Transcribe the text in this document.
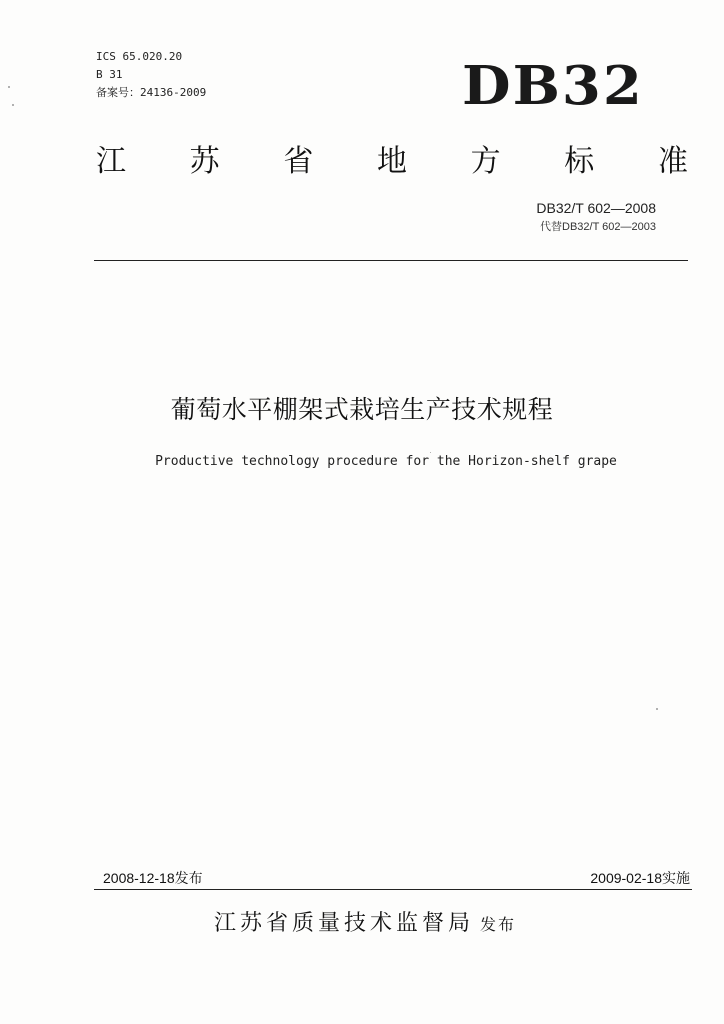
ICS 65.020.20
B 31
备案号：24136-2009	DB32
江 苏 省 地 方 标 准
DB32/T 602—2008
代替DB32/T 602—2003
葡萄水平棚架式栽培生产技术规程
Productive technology procedure for the Horizon-shelf grape
2008-12-18发布	2009-02-18实施
江苏省质量技术监督局 发布
